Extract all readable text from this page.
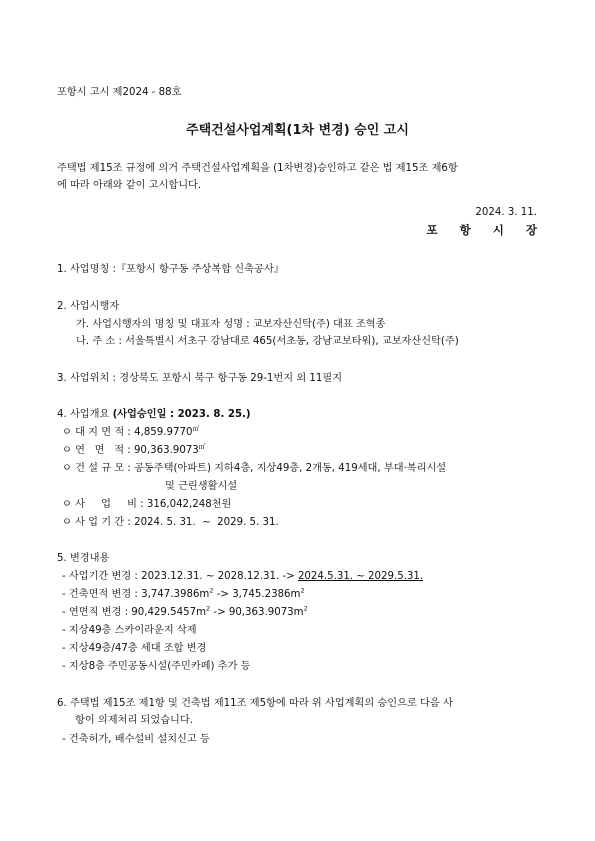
포항시 고시 제2024 - 88호
주택건설사업계획(1차 변경) 승인 고시
주택법 제15조 규정에 의거 주택건설사업계획을 (1차변경)승인하고 같은 법 제15조 제6항
에 따라 아래와 같이 고시합니다.
2024. 3. 11.
포 항 시 장
1. 사업명칭 :『포항시 항구동 주상복합 신축공사』
2. 사업시행자
가. 사업시행자의 명칭 및 대표자 성명 : 교보자산신탁(주) 대표 조혁종
나. 주 소 : 서울특별시 서초구 강남대로 465(서초동, 강남교보타워), 교보자산신탁(주)
3. 사업위치 : 경상북도 포항시 북구 항구동 29-1번지 외 11필지
4. 사업개요 (사업승인일 : 2023. 8. 25.)
ㅇ 대 지 면 적 : 4,859.9770㎡
ㅇ 연   면   적 : 90,363.9073㎡
ㅇ 건 설 규 모 : 공동주택(아파트) 지하4층, 지상49층, 2개동, 419세대, 부대·복리시설
및 근린생활시설
ㅇ 사     업     비 : 316,042,248천원
ㅇ 사 업 기 간 : 2024. 5. 31.  ~  2029. 5. 31.
5. 변경내용
- 사업기간 변경 : 2023.12.31. ~ 2028.12.31. -> 2024.5.31. ~ 2029.5.31.
- 건축면적 변경 : $3,747.3986m^2 -> 3,745.2386m^2$
- 연면직 변경 : $90,429.5457m^2 -> 90,363.9073m^2$
- 지상49층 스카이라운지 삭제
- 지상49층/47층 세대 조합 변경
- 지상8층 주민공동시설(주민카페) 추가 등
6. 주택법 제15조 제1항 및 건축법 제11조 제5항에 따라 위 사업계획의 승인으로 다음 사
항이 의제처리 되었습니다.
- 건축허가, 배수설비 설치신고 등
